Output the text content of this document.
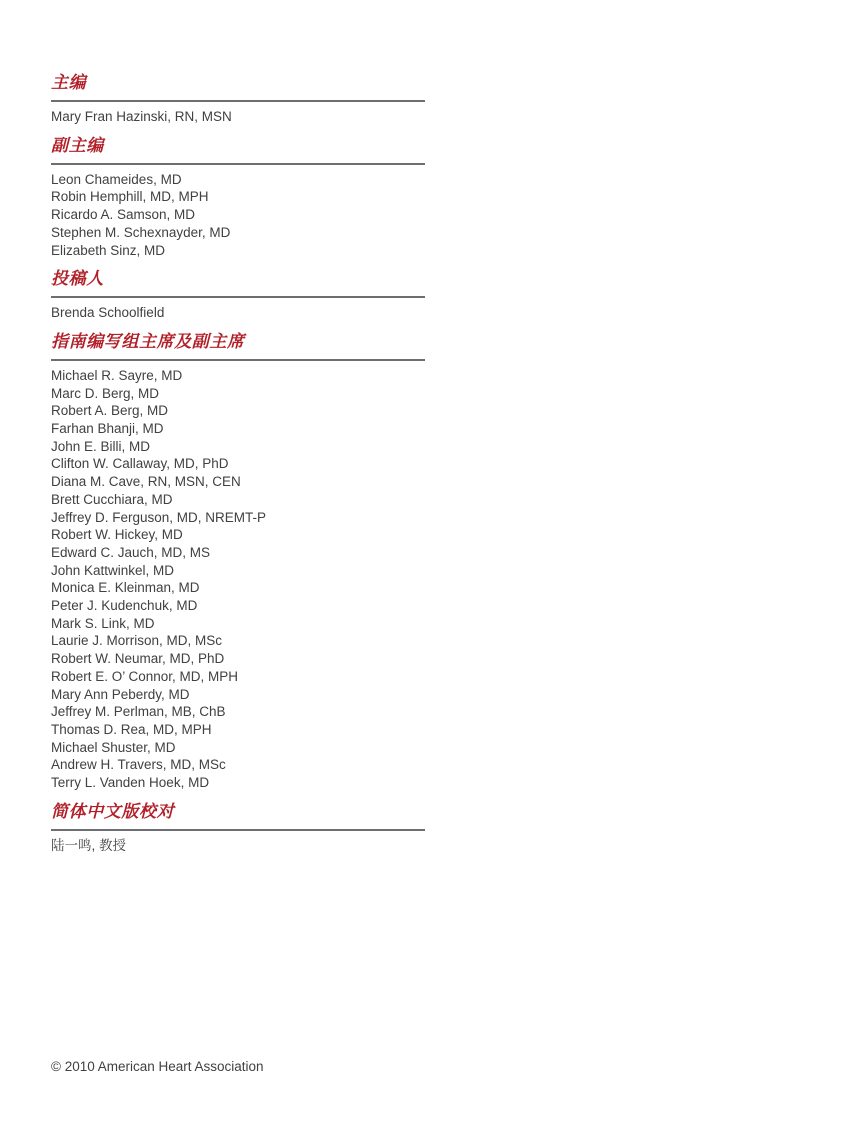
主编
Mary Fran Hazinski, RN, MSN
副主编
Leon Chameides, MD
Robin Hemphill, MD, MPH
Ricardo A. Samson, MD
Stephen M. Schexnayder, MD
Elizabeth Sinz, MD
投稿人
Brenda Schoolfield
指南编写组主席及副主席
Michael R. Sayre, MD
Marc D. Berg, MD
Robert A. Berg, MD
Farhan Bhanji, MD
John E. Billi, MD
Clifton W. Callaway, MD, PhD
Diana M. Cave, RN, MSN, CEN
Brett Cucchiara, MD
Jeffrey D. Ferguson, MD, NREMT-P
Robert W. Hickey, MD
Edward C. Jauch, MD, MS
John Kattwinkel, MD
Monica E. Kleinman, MD
Peter J. Kudenchuk, MD
Mark S. Link, MD
Laurie J. Morrison, MD, MSc
Robert W. Neumar, MD, PhD
Robert E. O’ Connor, MD, MPH
Mary Ann Peberdy, MD
Jeffrey M. Perlman, MB, ChB
Thomas D. Rea, MD, MPH
Michael Shuster, MD
Andrew H. Travers, MD, MSc
Terry L. Vanden Hoek, MD
简体中文版校对
陆一鸣, 教授
© 2010 American Heart Association
